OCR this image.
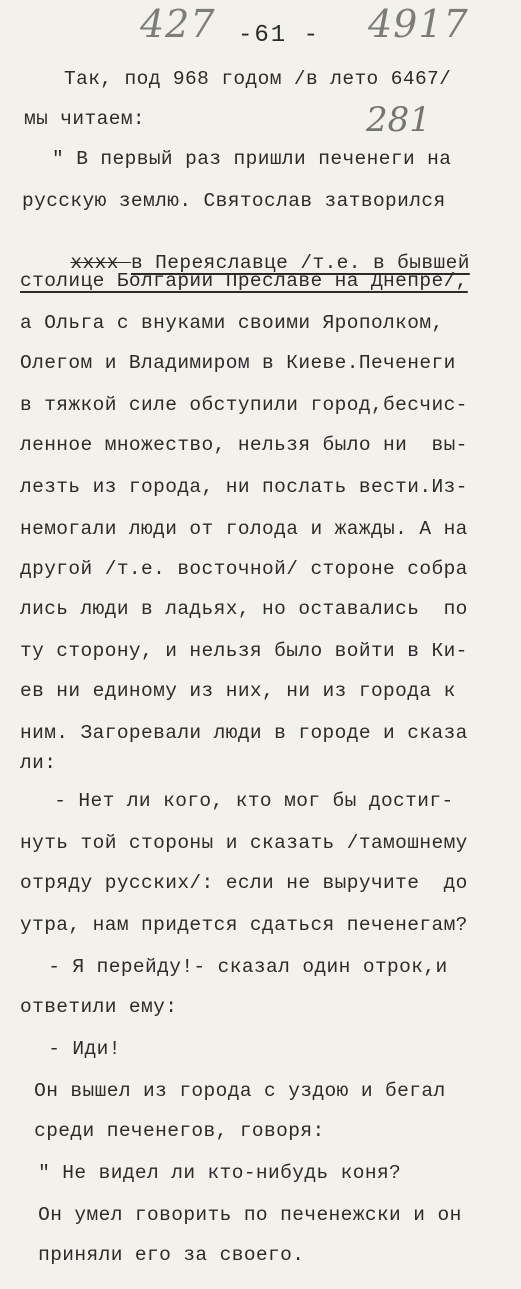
427 -61 - 4917
281
Так, под 968 годом /в лето 6467/
мы читаем:
" В первый раз пришли печенеги на
русскую землю. Святослав затворился

хххх в Переяславце /т.е. в бывшей

столице Болгарии Преславе на Днепре/,
а Ольга с внуками своими Ярополком,
Олегом и Владимиром в Киеве.Печенеги
в тяжкой силе обступили город,бесчис-
ленное множество, нельзя было ни  вы-
лезть из города, ни послать вести.Из-
немогали люди от голода и жажды. А на
другой /т.е. восточной/ стороне собра
лись люди в ладьях, но оставались  по
ту сторону, и нельзя было войти в Ки-
ев ни единому из них, ни из города к
ним. Загоревали люди в городе и сказа
ли:
- Нет ли кого, кто мог бы достиг-
нуть той стороны и сказать /тамошнему
отряду русских/: если не выручите  до
утра, нам придется сдаться печенегам?
- Я перейду!- сказал один отрок,и
ответили ему:
- Иди!
Он вышел из города с уздою и бегал
среди печенегов, говоря:
" Не видел ли кто-нибудь коня?
Он умел говорить по печенежски и он
приняли его за своего.
